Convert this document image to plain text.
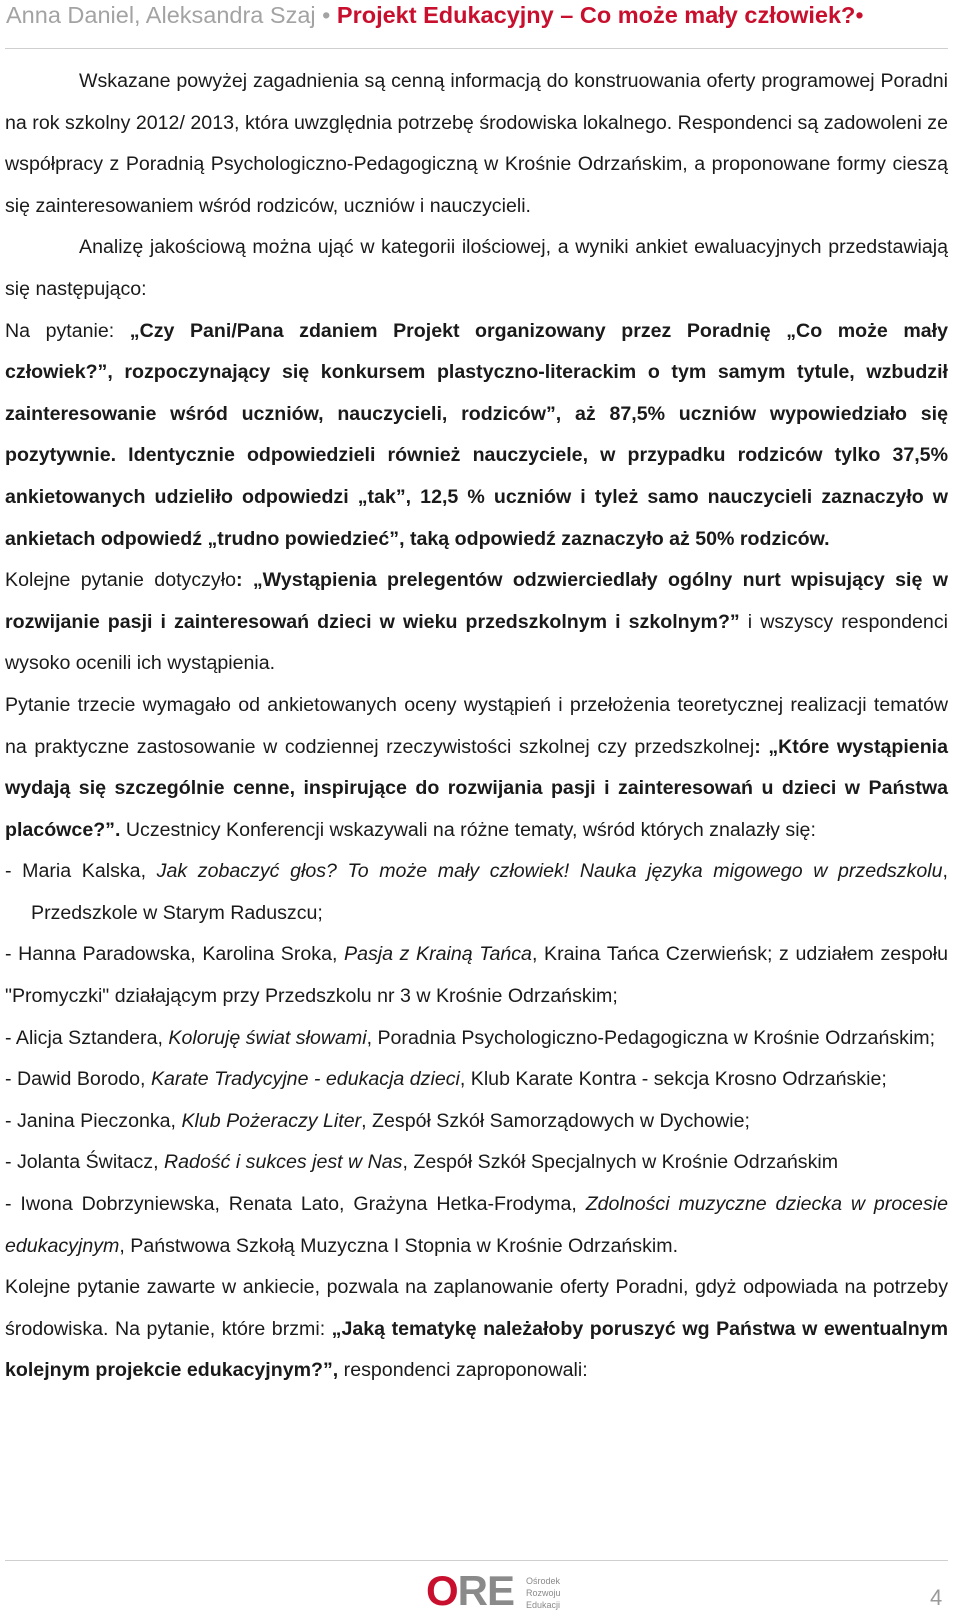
Anna Daniel, Aleksandra Szaj • Projekt Edukacyjny – Co może mały człowiek?•

Wskazane powyżej zagadnienia są cenną informacją do konstruowania oferty programowej Poradni na rok szkolny 2012/ 2013, która uwzględnia potrzebę środowiska lokalnego. Respondenci są zadowoleni ze współpracy z Poradnią Psychologiczno-Pedagogiczną w Krośnie Odrzańskim, a proponowane formy cieszą się zainteresowaniem wśród rodziców, uczniów i nauczycieli.

Analizę jakościową można ująć w kategorii ilościowej, a wyniki ankiet ewaluacyjnych przedstawiają się następująco:

Na pytanie: „Czy Pani/Pana zdaniem Projekt organizowany przez Poradnię „Co może mały człowiek?”, rozpoczynający się konkursem plastyczno-literackim o tym samym tytule, wzbudził zainteresowanie wśród uczniów, nauczycieli, rodziców”, aż 87,5% uczniów wypowiedziało się pozytywnie. Identycznie odpowiedzieli również nauczyciele, w przypadku rodziców tylko 37,5% ankietowanych udzieliło odpowiedzi „tak”, 12,5 % uczniów i tyleż samo nauczycieli zaznaczyło w ankietach odpowiedź „trudno powiedzieć”, taką odpowiedź zaznaczyło aż 50% rodziców.

Kolejne pytanie dotyczyło: „Wystąpienia prelegentów odzwierciedlały ogólny nurt wpisujący się w rozwijanie pasji i zainteresowań dzieci w wieku przedszkolnym i szkolnym?” i wszyscy respondenci wysoko ocenili ich wystąpienia.

Pytanie trzecie wymagało od ankietowanych oceny wystąpień i przełożenia teoretycznej realizacji tematów na praktyczne zastosowanie w codziennej rzeczywistości szkolnej czy przedszkolnej: „Które wystąpienia wydają się szczególnie cenne, inspirujące do rozwijania pasji i zainteresowań u dzieci w Państwa placówce?”. Uczestnicy Konferencji wskazywali na różne tematy, wśród których znalazły się:

- Maria Kalska, Jak zobaczyć głos? To może mały człowiek! Nauka języka migowego w przedszkolu, Przedszkole w Starym Raduszcu;

- Hanna Paradowska, Karolina Sroka, Pasja z Krainą Tańca, Kraina Tańca Czerwieńsk; z udziałem zespołu "Promyczki" działającym przy Przedszkolu nr 3 w Krośnie Odrzańskim;

- Alicja Sztandera, Koloruję świat słowami, Poradnia Psychologiczno-Pedagogiczna w Krośnie Odrzańskim;

- Dawid Borodo, Karate Tradycyjne - edukacja dzieci, Klub Karate Kontra - sekcja Krosno Odrzańskie;

- Janina Pieczonka, Klub Pożeraczy Liter, Zespół Szkół Samorządowych w Dychowie;

- Jolanta Świtacz, Radość i sukces jest w Nas, Zespół Szkół Specjalnych w Krośnie Odrzańskim

- Iwona Dobrzyniewska, Renata Lato, Grażyna Hetka-Frodyma, Zdolności muzyczne dziecka w procesie edukacyjnym, Państwowa Szkołą Muzyczna I Stopnia w Krośnie Odrzańskim.

Kolejne pytanie zawarte w ankiecie, pozwala na zaplanowanie oferty Poradni, gdyż odpowiada na potrzeby środowiska. Na pytanie, które brzmi: „Jaką tematykę należałoby poruszyć wg Państwa w ewentualnym kolejnym projekcie edukacyjnym?”, respondenci zaproponowali:

ORE Ośrodek
Rozwoju
Edukacji	4
